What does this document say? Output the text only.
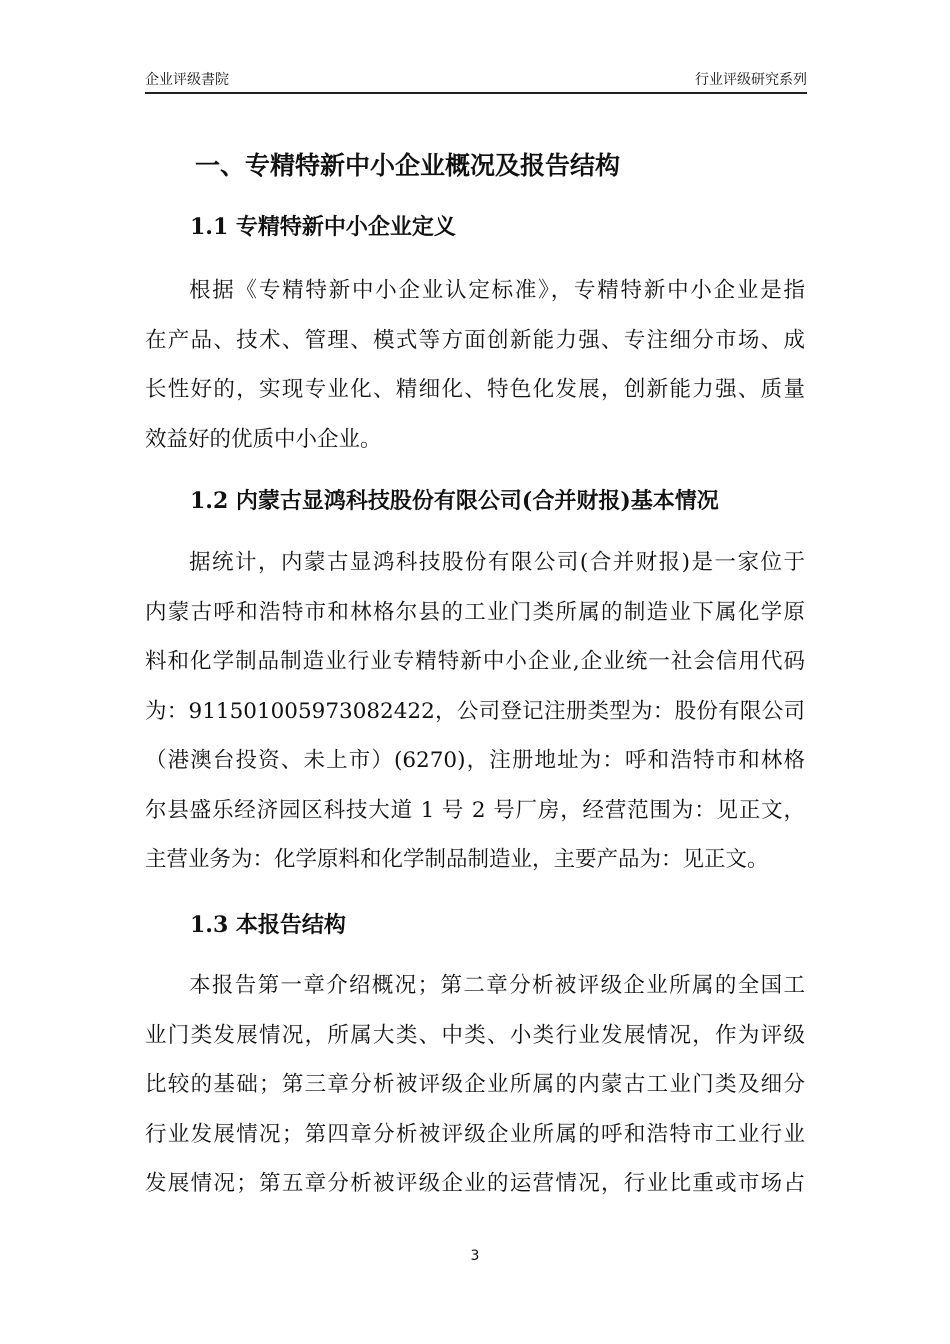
企业评级書院	行业评级研究系列
一、专精特新中小企业概况及报告结构
1.1 专精特新中小企业定义
根据《专精特新中小企业认定标准》，专精特新中小企业是指
在产品、技术、管理、模式等方面创新能力强、专注细分市场、成
长性好的，实现专业化、精细化、特色化发展，创新能力强、质量
效益好的优质中小企业。
1.2 内蒙古显鸿科技股份有限公司(合并财报)基本情况
据统计，内蒙古显鸿科技股份有限公司(合并财报)是一家位于
内蒙古呼和浩特市和林格尔县的工业门类所属的制造业下属化学原
料和化学制品制造业行业专精特新中小企业,企业统一社会信用代码
为：911501005973082422，公司登记注册类型为：股份有限公司
（港澳台投资、未上市）(6270)，注册地址为：呼和浩特市和林格
尔县盛乐经济园区科技大道 1 号 2 号厂房，经营范围为：见正文，
主营业务为：化学原料和化学制品制造业，主要产品为：见正文。
1.3 本报告结构
本报告第一章介绍概况；第二章分析被评级企业所属的全国工
业门类发展情况，所属大类、中类、小类行业发展情况，作为评级
比较的基础；第三章分析被评级企业所属的内蒙古工业门类及细分
行业发展情况；第四章分析被评级企业所属的呼和浩特市工业行业
发展情况；第五章分析被评级企业的运营情况，行业比重或市场占
3
